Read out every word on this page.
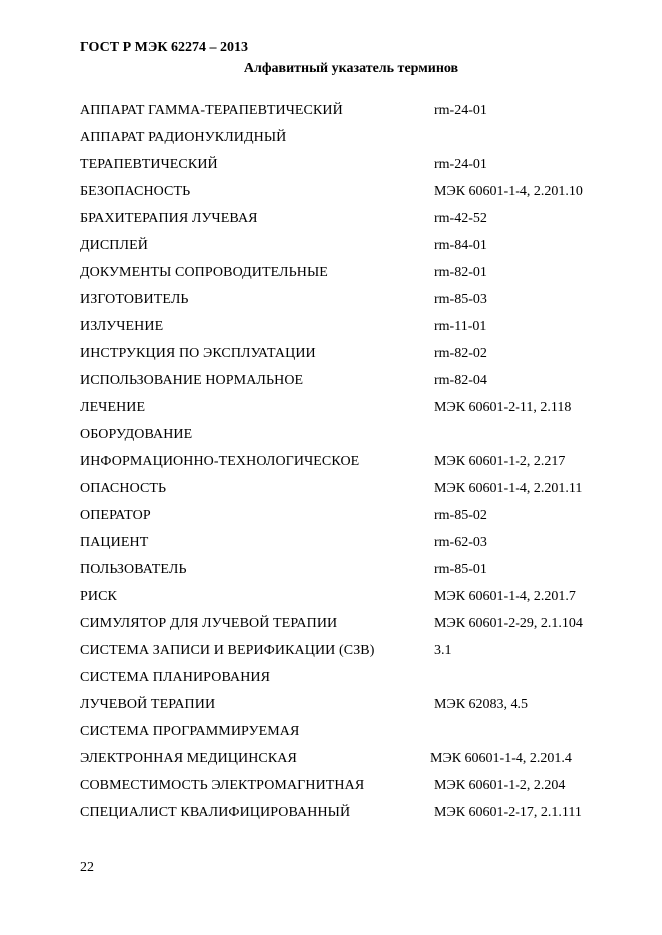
ГОСТ Р МЭК 62274 – 2013
Алфавитный указатель терминов
АППАРАТ ГАММА-ТЕРАПЕВТИЧЕСКИЙ	rm-24-01
АППАРАТ РАДИОНУКЛИДНЫЙ
ТЕРАПЕВТИЧЕСКИЙ	rm-24-01
БЕЗОПАСНОСТЬ	МЭК 60601-1-4, 2.201.10
БРАХИТЕРАПИЯ ЛУЧЕВАЯ	rm-42-52
ДИСПЛЕЙ	rm-84-01
ДОКУМЕНТЫ СОПРОВОДИТЕЛЬНЫЕ	rm-82-01
ИЗГОТОВИТЕЛЬ	rm-85-03
ИЗЛУЧЕНИЕ	rm-11-01
ИНСТРУКЦИЯ ПО ЭКСПЛУАТАЦИИ	rm-82-02
ИСПОЛЬЗОВАНИЕ НОРМАЛЬНОЕ	rm-82-04
ЛЕЧЕНИЕ	МЭК 60601-2-11, 2.118
ОБОРУДОВАНИЕ
ИНФОРМАЦИОННО-ТЕХНОЛОГИЧЕСКОЕ	МЭК 60601-1-2, 2.217
ОПАСНОСТЬ	МЭК 60601-1-4, 2.201.11
ОПЕРАТОР	rm-85-02
ПАЦИЕНТ	rm-62-03
ПОЛЬЗОВАТЕЛЬ	rm-85-01
РИСК	МЭК 60601-1-4, 2.201.7
СИМУЛЯТОР ДЛЯ ЛУЧЕВОЙ ТЕРАПИИ	МЭК 60601-2-29, 2.1.104
СИСТЕМА ЗАПИСИ И ВЕРИФИКАЦИИ (СЗВ)	3.1
СИСТЕМА ПЛАНИРОВАНИЯ
ЛУЧЕВОЙ ТЕРАПИИ	МЭК 62083, 4.5
СИСТЕМА ПРОГРАММИРУЕМАЯ
ЭЛЕКТРОННАЯ МЕДИЦИНСКАЯ	МЭК 60601-1-4, 2.201.4
СОВМЕСТИМОСТЬ ЭЛЕКТРОМАГНИТНАЯ	МЭК 60601-1-2, 2.204
СПЕЦИАЛИСТ КВАЛИФИЦИРОВАННЫЙ	МЭК 60601-2-17, 2.1.111
22
